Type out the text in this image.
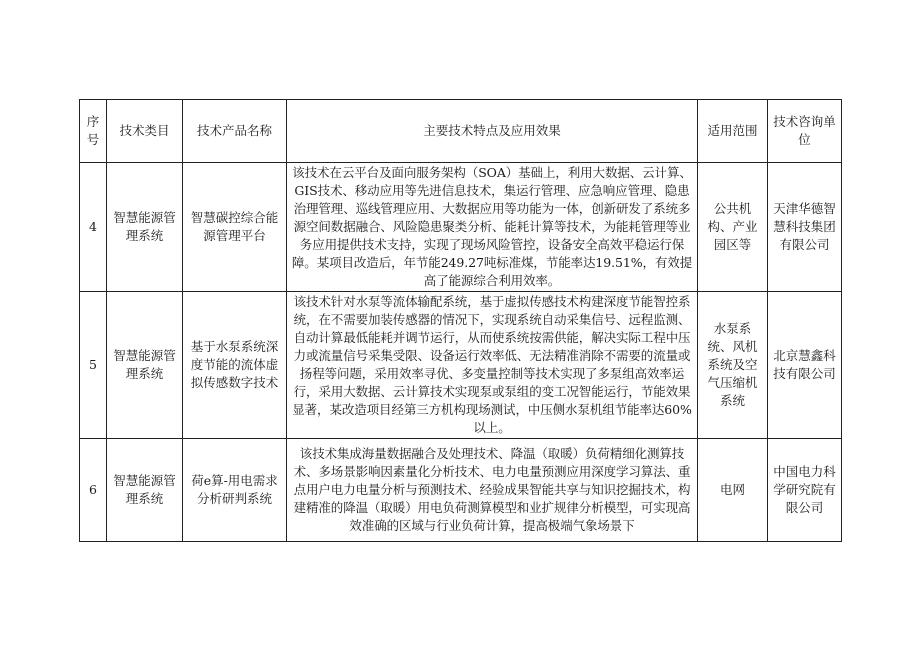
序号	技术类目	技术产品名称	主要技术特点及应用效果	适用范围	技术咨询单位
4	智慧能源管理系统	智慧碳控综合能源管理平台	该技术在云平台及面向服务架构（SOA）基础上，利用大数据、云计算、GIS技术、移动应用等先进信息技术，集运行管理、应急响应管理、隐患治理管理、巡线管理应用、大数据应用等功能为一体，创新研发了系统多源空间数据融合、风险隐患聚类分析、能耗计算等技术，为能耗管理等业务应用提供技术支持，实现了现场风险管控，设备安全高效平稳运行保障。某项目改造后，年节能249.27吨标准煤，节能率达19.51%，有效提高了能源综合利用效率。	公共机构、产业园区等	天津华德智慧科技集团有限公司
5	智慧能源管理系统	基于水泵系统深度节能的流体虚拟传感数字技术	该技术针对水泵等流体输配系统，基于虚拟传感技术构建深度节能智控系统，在不需要加装传感器的情况下，实现系统自动采集信号、远程监测、自动计算最低能耗并调节运行，从而使系统按需供能，解决实际工程中压力或流量信号采集受限、设备运行效率低、无法精准消除不需要的流量或扬程等问题，采用效率寻优、多变量控制等技术实现了多泵组高效率运行，采用大数据、云计算技术实现泵或泵组的变工况智能运行，节能效果显著，某改造项目经第三方机构现场测试，中压侧水泵机组节能率达60%以上。	水泵系统、风机系统及空气压缩机系统	北京慧鑫科技有限公司
6	智慧能源管理系统	荷e算-用电需求分析研判系统	该技术集成海量数据融合及处理技术、降温（取暖）负荷精细化测算技术、多场景影响因素量化分析技术、电力电量预测应用深度学习算法、重点用户电力电量分析与预测技术、经验成果智能共享与知识挖掘技术，构建精准的降温（取暖）用电负荷测算模型和业扩规律分析模型，可实现高效准确的区域与行业负荷计算，提高极端气象场景下	电网	中国电力科学研究院有限公司
